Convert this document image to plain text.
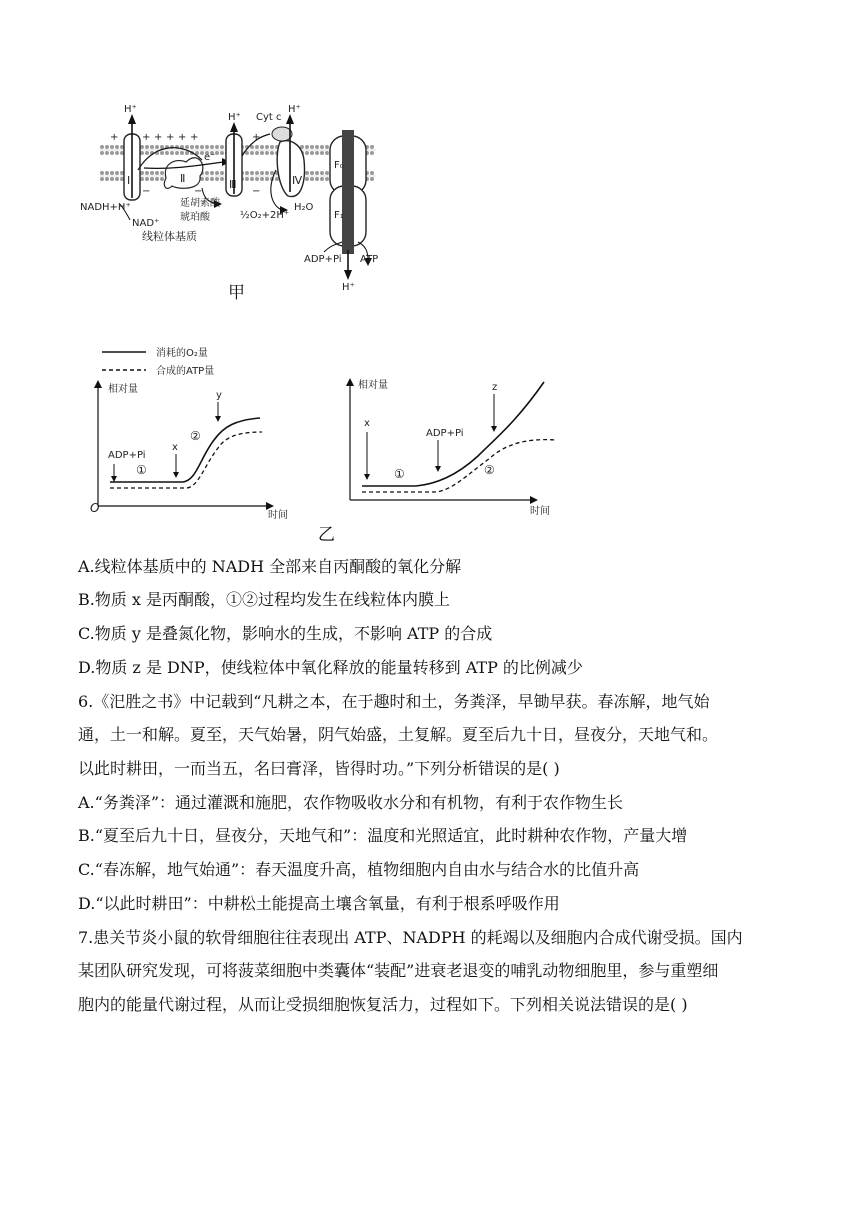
+ + + + + +	+
−	−	−
Ⅰ
H⁺
Ⅱ
e⁻
Ⅲ
H⁺ Cyt c
Ⅳ
H⁺
F₀
F₁
H⁺
NADH+H⁺
NAD⁺
线粒体基质
延胡索酸
琥珀酸	½O₂+2H⁺
H₂O
ADP+Pi ATP
甲
消耗的O₂量
合成的ATP量
相对量
时间
O
ADP+Pi
x
y
①
②
相对量
时间
x
ADP+Pi
z
①	②
乙
A.线粒体基质中的 NADH 全部来自丙酮酸的氧化分解
B.物质 x 是丙酮酸，①②过程均发生在线粒体内膜上
C.物质 y 是叠氮化物，影响水的生成，不影响 ATP 的合成
D.物质 z 是 DNP，使线粒体中氧化释放的能量转移到 ATP 的比例减少
6.《汜胜之书》中记载到“凡耕之本，在于趣时和土，务粪泽，早锄早获。春冻解，地气始
通，土一和解。夏至，天气始暑，阴气始盛，土复解。夏至后九十日，昼夜分，天地气和。
以此时耕田，一而当五，名曰膏泽，皆得时功。”下列分析错误的是( )
A.“务粪泽”：通过灌溉和施肥，农作物吸收水分和有机物，有利于农作物生长
B.“夏至后九十日，昼夜分，天地气和”：温度和光照适宜，此时耕种农作物，产量大增
C.“春冻解，地气始通”：春天温度升高，植物细胞内自由水与结合水的比值升高
D.“以此时耕田”：中耕松土能提高土壤含氧量，有利于根系呼吸作用
7.患关节炎小鼠的软骨细胞往往表现出 ATP、NADPH 的耗竭以及细胞内合成代谢受损。国内
某团队研究发现，可将菠菜细胞中类囊体“装配”进衰老退变的哺乳动物细胞里，参与重塑细
胞内的能量代谢过程，从而让受损细胞恢复活力，过程如下。下列相关说法错误的是( )
